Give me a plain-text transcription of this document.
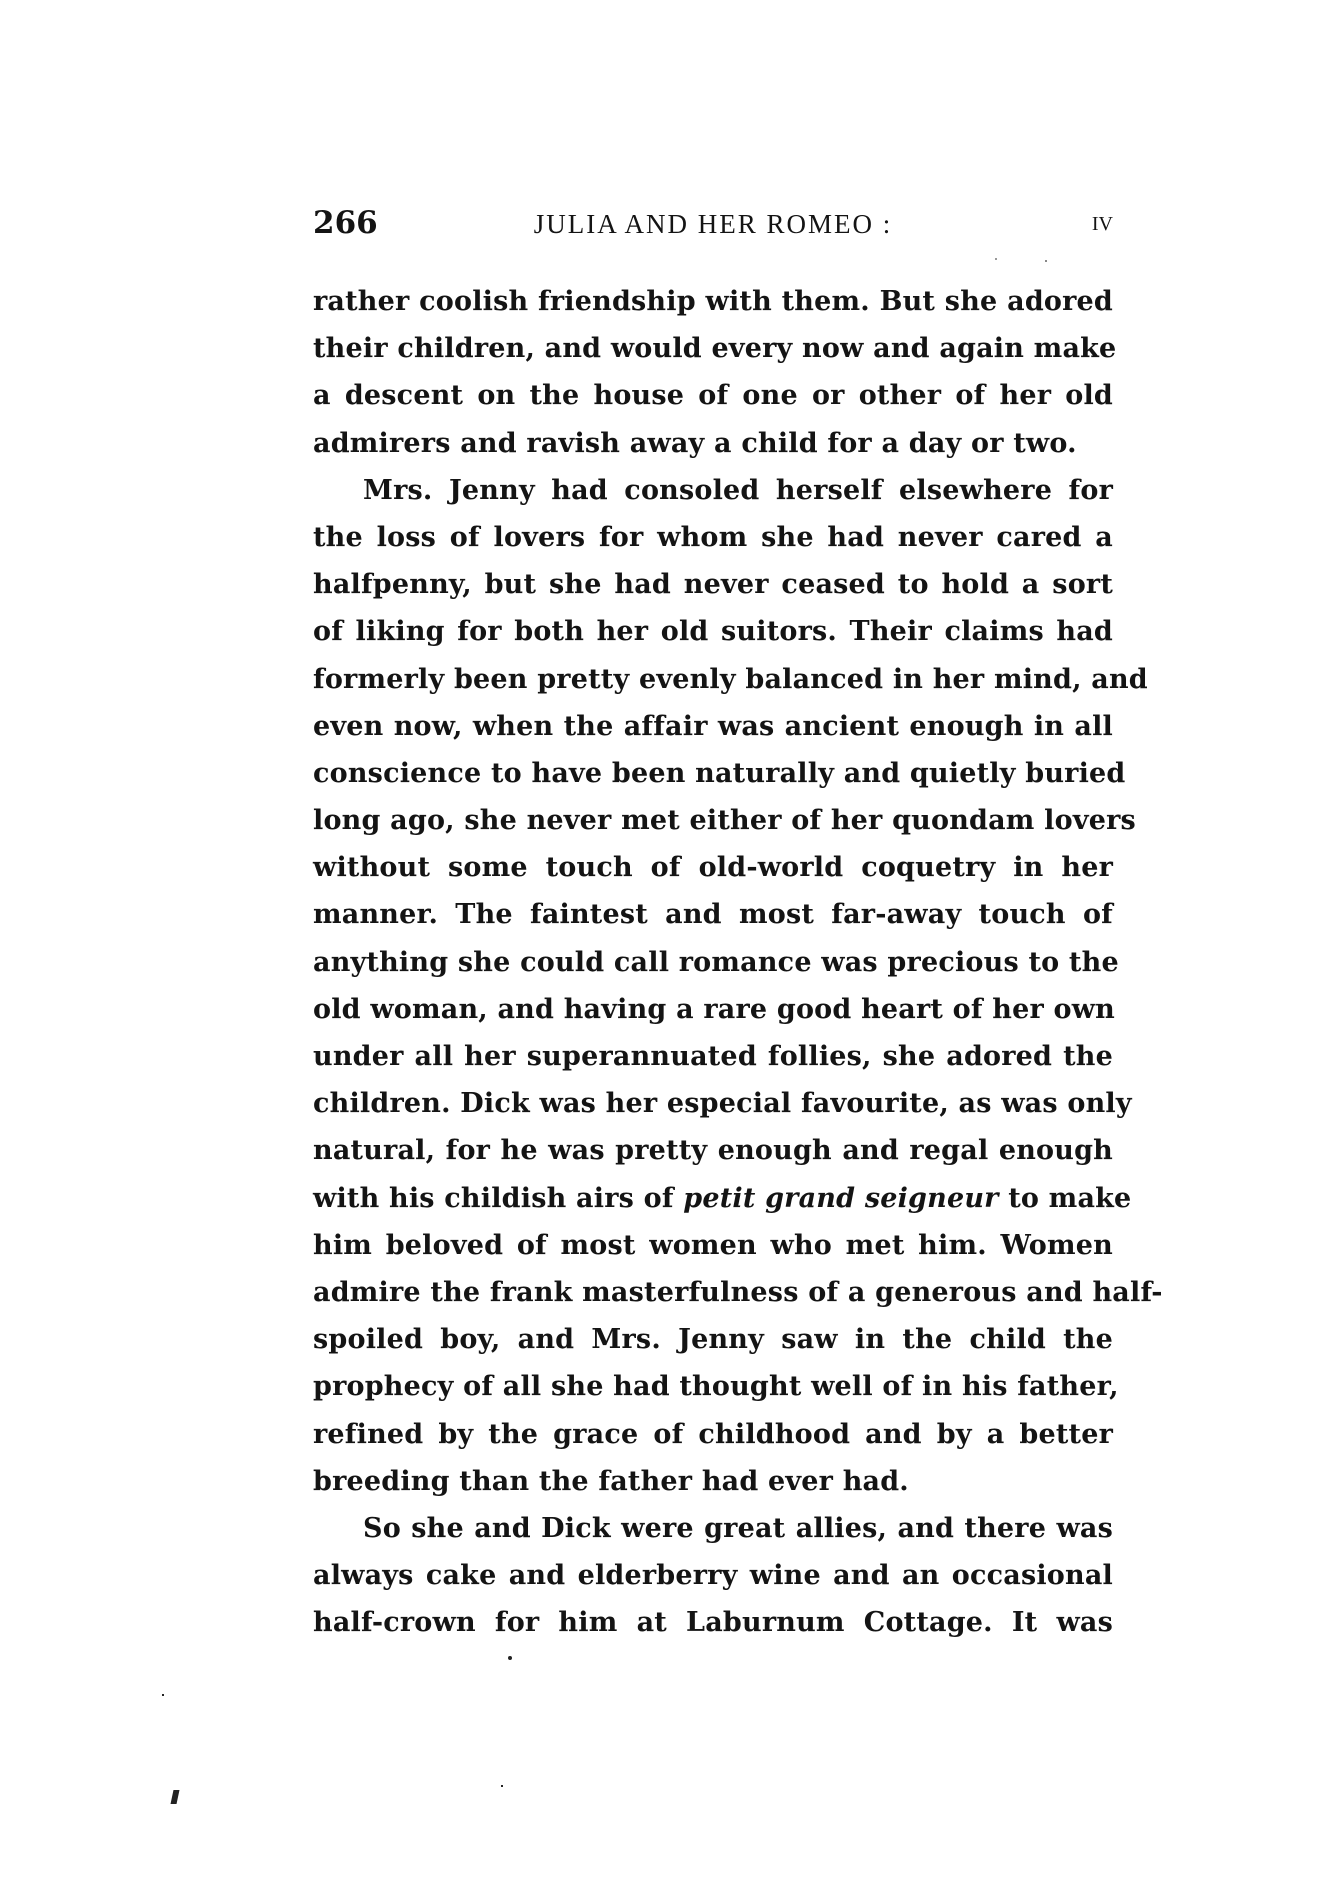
266	JULIA AND HER ROMEO :	IV
rather coolish friendship with them. But she adored
their children, and would every now and again make
a descent on the house of one or other of her old
admirers and ravish away a child for a day or two.
Mrs. Jenny had consoled herself elsewhere for
the loss of lovers for whom she had never cared a
halfpenny, but she had never ceased to hold a sort
of liking for both her old suitors. Their claims had
formerly been pretty evenly balanced in her mind, and
even now, when the affair was ancient enough in all
conscience to have been naturally and quietly buried
long ago, she never met either of her quondam lovers
without some touch of old-world coquetry in her
manner. The faintest and most far-away touch of
anything she could call romance was precious to the
old woman, and having a rare good heart of her own
under all her superannuated follies, she adored the
children. Dick was her especial favourite, as was only
natural, for he was pretty enough and regal enough
with his childish airs of petit grand seigneur to make
him beloved of most women who met him. Women
admire the frank masterfulness of a generous and half-
spoiled boy, and Mrs. Jenny saw in the child the
prophecy of all she had thought well of in his father,
refined by the grace of childhood and by a better
breeding than the father had ever had.
So she and Dick were great allies, and there was
always cake and elderberry wine and an occasional
half-crown for him at Laburnum Cottage. It was
